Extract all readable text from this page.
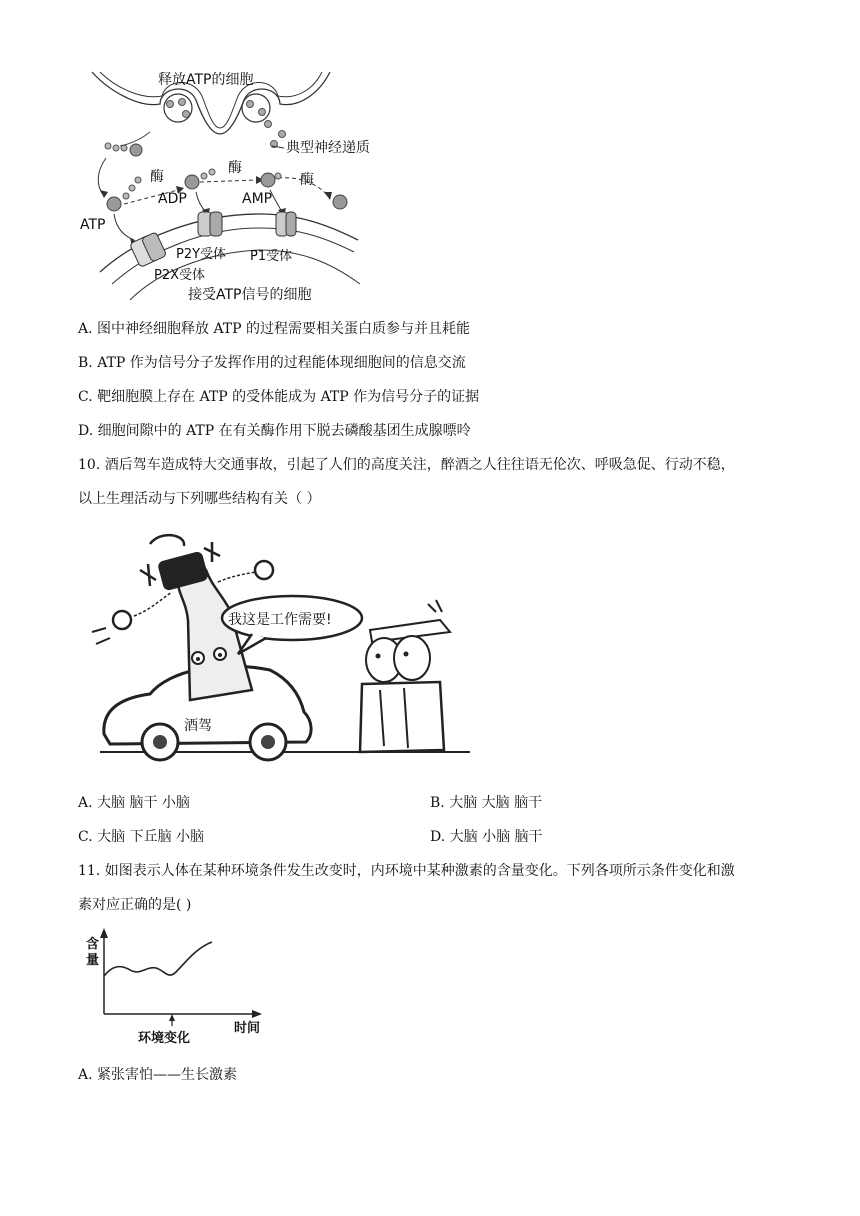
释放ATP的细胞
典型神经递质
酶
酶
酶
ATP
ADP	AMP
P2Y受体 P1受体
P2X受体
接受ATP信号的细胞
A. 图中神经细胞释放 ATP 的过程需要相关蛋白质参与并且耗能
B. ATP 作为信号分子发挥作用的过程能体现细胞间的信息交流
C. 靶细胞膜上存在 ATP 的受体能成为 ATP 作为信号分子的证据
D. 细胞间隙中的 ATP 在有关酶作用下脱去磷酸基团生成腺嘌呤
10. 酒后驾车造成特大交通事故，引起了人们的高度关注，醉酒之人往往语无伦次、呼吸急促、行动不稳，
以上生理活动与下列哪些结构有关（ ）
我这是工作需要!
酒驾
A. 大脑 脑干 小脑	B. 大脑 大脑 脑干
C. 大脑 下丘脑 小脑	D. 大脑 小脑 脑干
11. 如图表示人体在某种环境条件发生改变时，内环境中某种激素的含量变化。下列各项所示条件变化和激
素对应正确的是( )
含
量
时间
环境变化
A. 紧张害怕——生长激素
